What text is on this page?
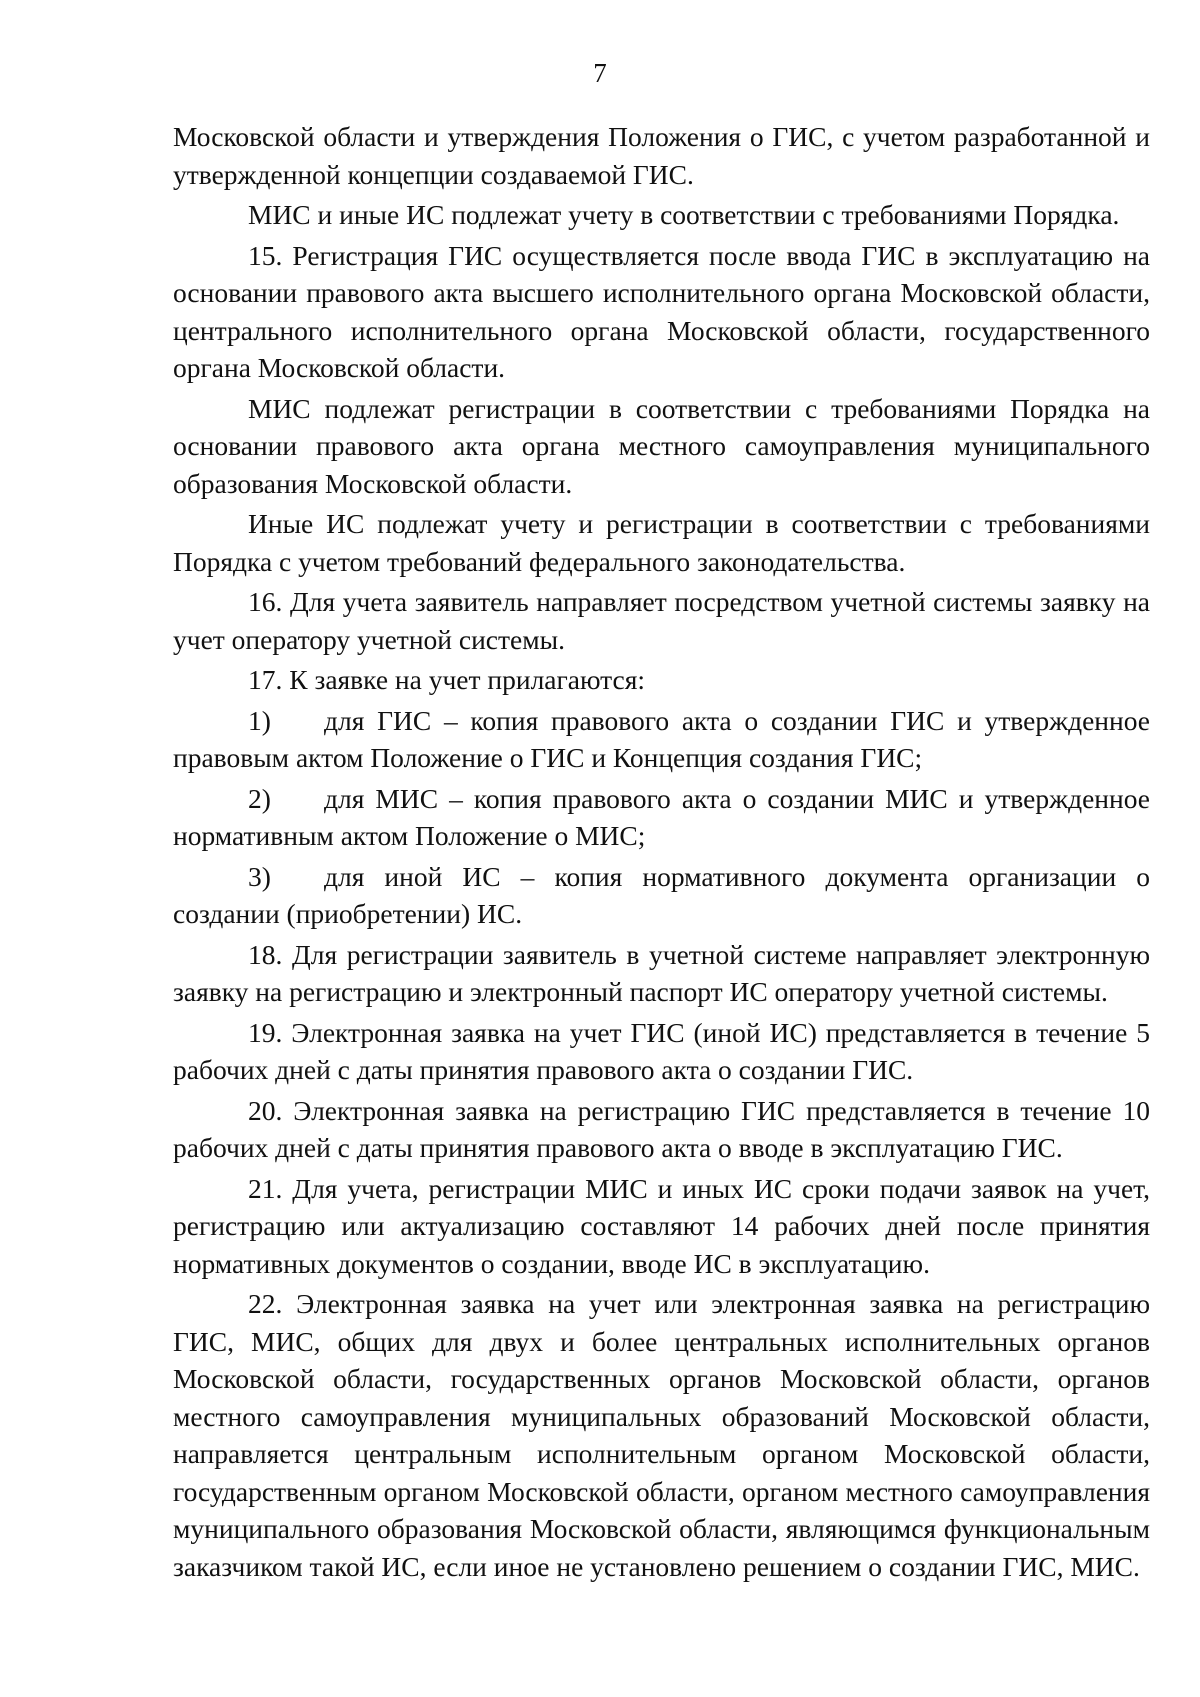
7

Московской области и утверждения Положения о ГИС, с учетом разработанной и утвержденной концепции создаваемой ГИС.

МИС и иные ИС подлежат учету в соответствии с требованиями Порядка.

15. Регистрация ГИС осуществляется после ввода ГИС в эксплуатацию на основании правового акта высшего исполнительного органа Московской области, центрального исполнительного органа Московской области, государственного органа Московской области.

МИС подлежат регистрации в соответствии с требованиями Порядка на основании правового акта органа местного самоуправления муниципального образования Московской области.

Иные ИС подлежат учету и регистрации в соответствии с требованиями Порядка с учетом требований федерального законодательства.

16. Для учета заявитель направляет посредством учетной системы заявку на учет оператору учетной системы.

17. К заявке на учет прилагаются:

1) для ГИС – копия правового акта о создании ГИС и утвержденное правовым актом Положение о ГИС и Концепция создания ГИС;

2) для МИС – копия правового акта о создании МИС и утвержденное нормативным актом Положение о МИС;

3) для иной ИС – копия нормативного документа организации о создании (приобретении) ИС.

18. Для регистрации заявитель в учетной системе направляет электронную заявку на регистрацию и электронный паспорт ИС оператору учетной системы.

19. Электронная заявка на учет ГИС (иной ИС) представляется в течение 5 рабочих дней с даты принятия правового акта о создании ГИС.

20. Электронная заявка на регистрацию ГИС представляется в течение 10 рабочих дней с даты принятия правового акта о вводе в эксплуатацию ГИС.

21. Для учета, регистрации МИС и иных ИС сроки подачи заявок на учет, регистрацию или актуализацию составляют 14 рабочих дней после принятия нормативных документов о создании, вводе ИС в эксплуатацию.

22. Электронная заявка на учет или электронная заявка на регистрацию ГИС, МИС, общих для двух и более центральных исполнительных органов Московской области, государственных органов Московской области, органов местного самоуправления муниципальных образований Московской области, направляется центральным исполнительным органом Московской области, государственным органом Московской области, органом местного самоуправления муниципального образования Московской области, являющимся функциональным заказчиком такой ИС, если иное не установлено решением о создании ГИС, МИС.
